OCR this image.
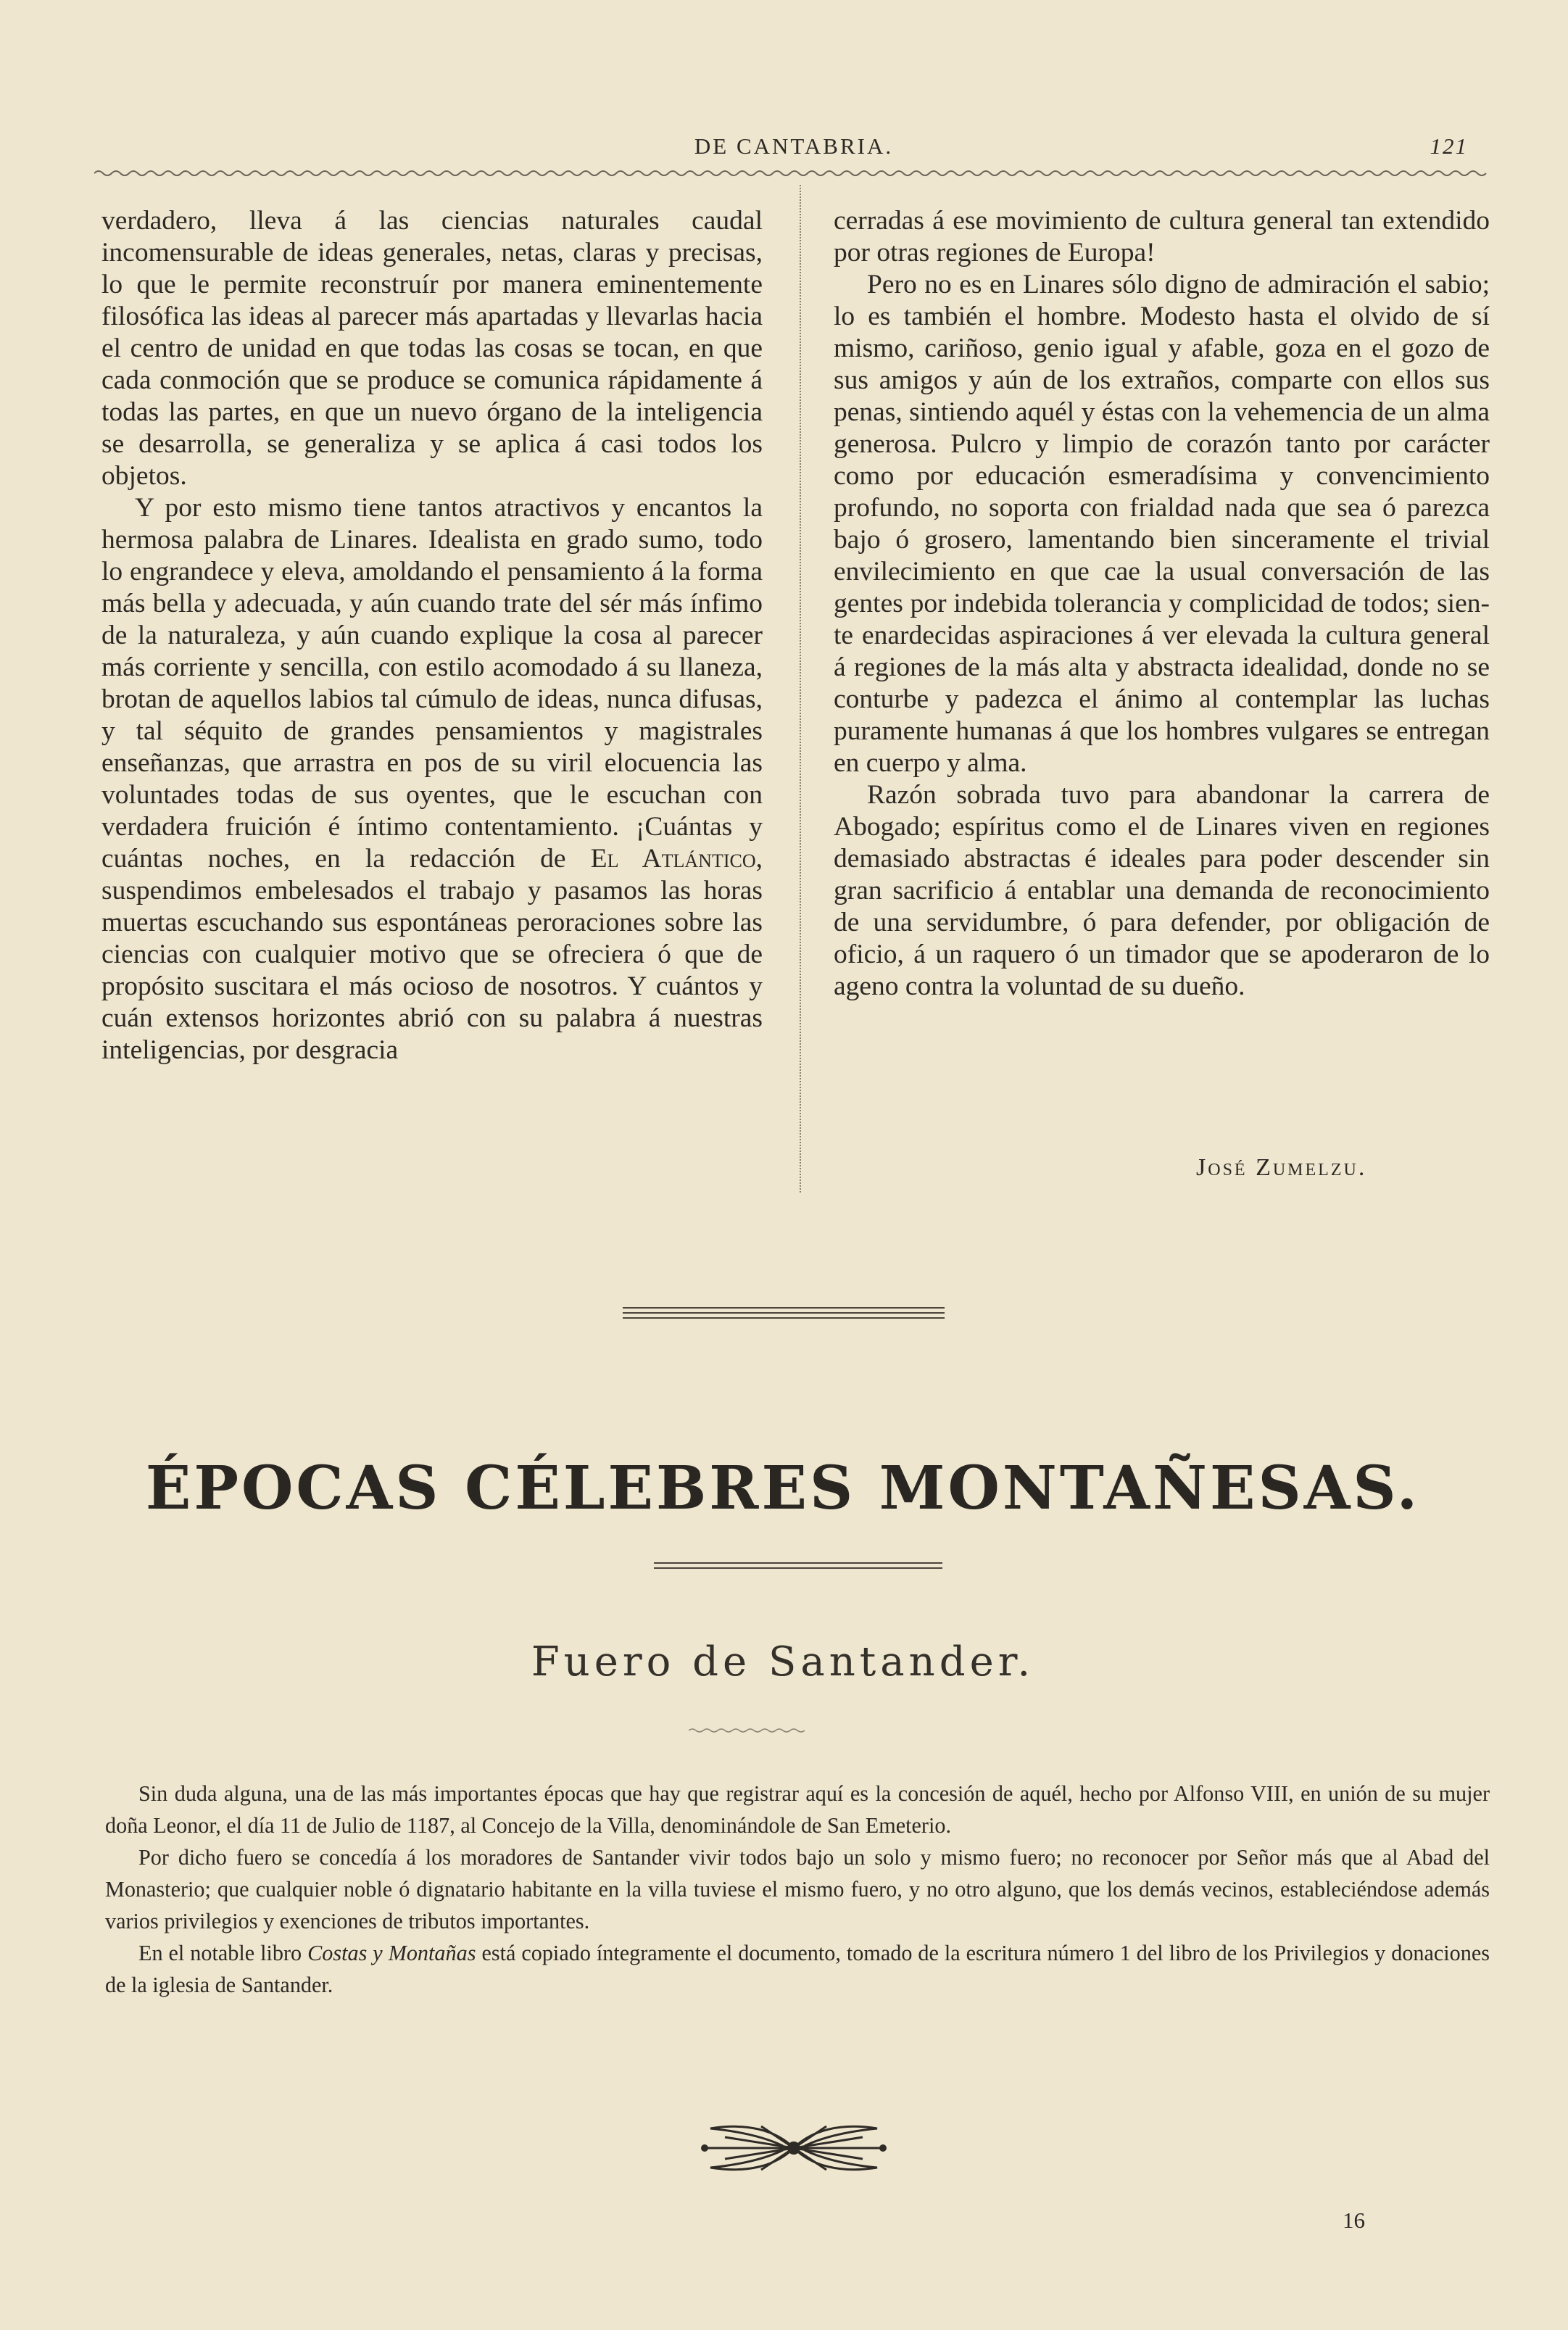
DE CANTABRIA.	121

verdadero, lleva á las ciencias naturales caudal incomensurable de ideas generales, netas, claras y precisas, lo que le permite reconstruír por manera eminentemente filosófica las ideas al parecer más apartadas y llevarlas hacia el centro de unidad en que todas las cosas se tocan, en que cada conmoción que se produce se comunica rápidamente á todas las partes, en que un nuevo órgano de la inteligencia se desarrolla, se generaliza y se aplica á casi todos los objetos.

Y por esto mismo tiene tantos atractivos y encantos la hermosa palabra de Linares. Idealista en grado sumo, todo lo engrandece y eleva, amoldando el pensamiento á la forma más bella y adecuada, y aún cuando trate del sér más ínfimo de la naturaleza, y aún cuando explique la cosa al parecer más corriente y sencilla, con estilo acomodado á su llaneza, brotan de aquellos labios tal cúmulo de ideas, nunca difusas, y tal séquito de grandes pensamientos y magistrales enseñanzas, que arrastra en pos de su viril elocuencia las voluntades todas de sus oyentes, que le escuchan con verdadera fruición é íntimo contentamiento. ¡Cuántas y cuántas noches, en la redacción de El Atlántico, suspendimos embelesados el trabajo y pasamos las horas muertas escuchando sus espontáneas peroraciones sobre las ciencias con cualquier motivo que se ofreciera ó que de propósito suscitara el más ocioso de nosotros. Y cuántos y cuán extensos horizontes abrió con su palabra á nuestras inteligencias, por desgracia

cerradas á ese movimiento de cultura general tan extendido por otras regiones de Europa!

Pero no es en Linares sólo digno de admiración el sabio; lo es también el hombre. Modesto hasta el olvido de sí mismo, cariñoso, genio igual y afable, goza en el gozo de sus amigos y aún de los extraños, comparte con ellos sus penas, sintiendo aquél y éstas con la vehemencia de un alma generosa. Pulcro y limpio de corazón tanto por carácter como por educación esmeradísima y convencimiento profundo, no soporta con frialdad nada que sea ó parezca bajo ó grosero, lamentando bien sinceramente el trivial envilecimiento en que cae la usual conversación de las gentes por indebida tolerancia y complicidad de todos; siente enardecidas aspiraciones á ver elevada la cultura general á regiones de la más alta y abstracta idealidad, donde no se conturbe y padezca el ánimo al contemplar las luchas puramente humanas á que los hombres vulgares se entregan en cuerpo y alma.

Razón sobrada tuvo para abandonar la carrera de Abogado; espíritus como el de Linares viven en regiones demasiado abstractas é ideales para poder descender sin gran sacrificio á entablar una demanda de reconocimiento de una servidumbre, ó para defender, por obligación de oficio, á un raquero ó un timador que se apoderaron de lo ageno contra la voluntad de su dueño.

José Zumelzu.
ÉPOCAS CÉLEBRES MONTAÑESAS.
Fuero de Santander.

Sin duda alguna, una de las más importantes épocas que hay que registrar aquí es la concesión de aquél, hecho por Alfonso VIII, en unión de su mujer doña Leonor, el día 11 de Julio de 1187, al Concejo de la Villa, denominándole de San Emeterio.

Por dicho fuero se concedía á los moradores de Santander vivir todos bajo un solo y mismo fuero; no reconocer por Señor más que al Abad del Monasterio; que cualquier noble ó dignatario habitante en la villa tuviese el mismo fuero, y no otro alguno, que los demás vecinos, estableciéndose además varios privilegios y exenciones de tributos importantes.

En el notable libro Costas y Montañas está copiado íntegramente el documento, tomado de la escritura número 1 del libro de los Privilegios y donaciones de la iglesia de Santander.

16
